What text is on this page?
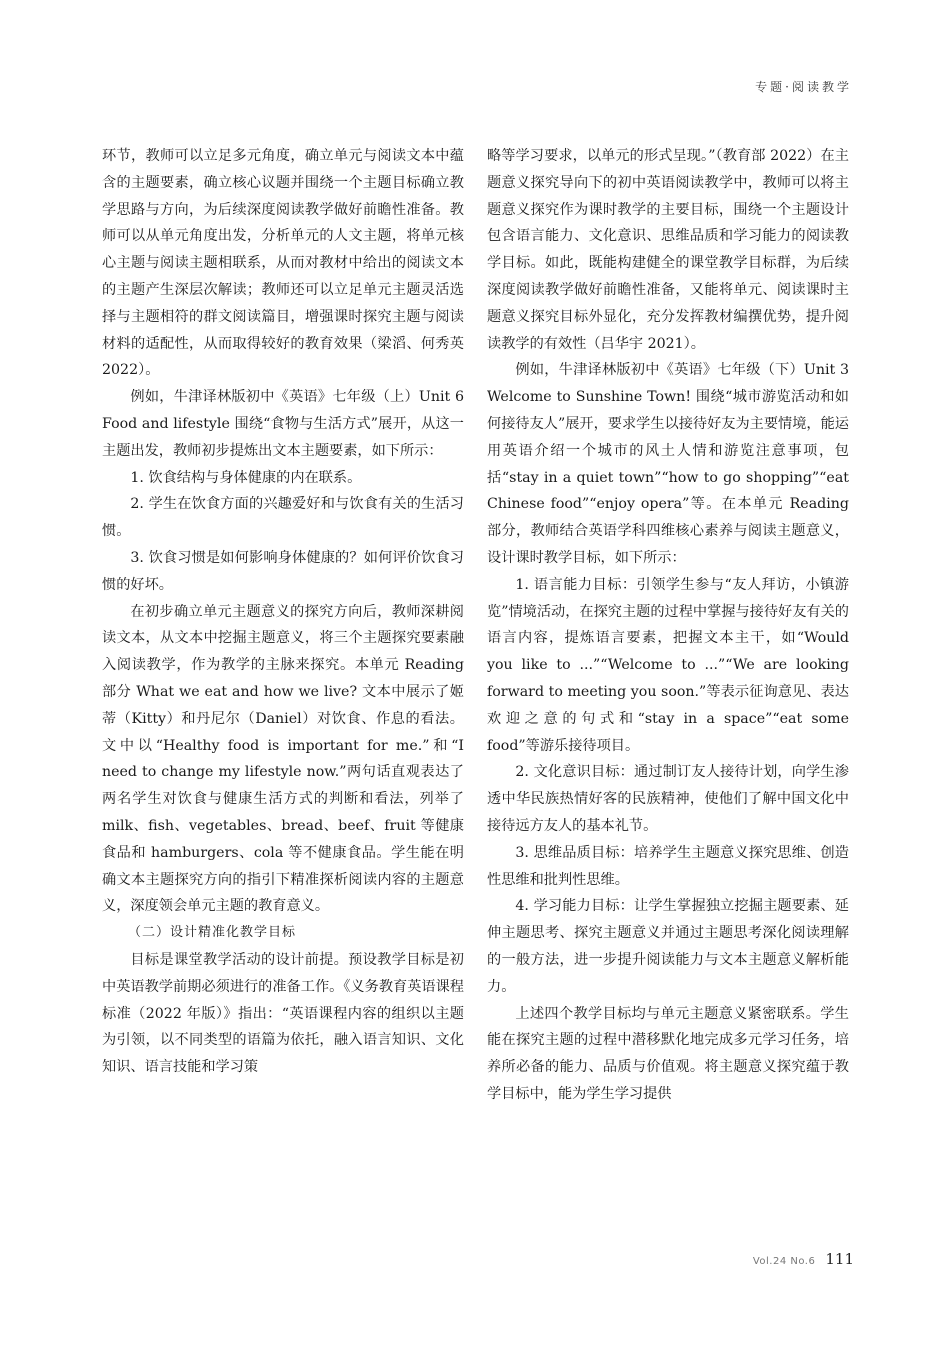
专题·阅读教学

环节，教师可以立足多元角度，确立单元与阅读文本中蕴含的主题要素，确立核心议题并围绕一个主题目标确立教学思路与方向，为后续深度阅读教学做好前瞻性准备。教师可以从单元角度出发，分析单元的人文主题，将单元核心主题与阅读主题相联系，从而对教材中给出的阅读文本的主题产生深层次解读；教师还可以立足单元主题灵活选择与主题相符的群文阅读篇目，增强课时探究主题与阅读材料的适配性，从而取得较好的教育效果（梁滔、何秀英 2022）。

例如，牛津译林版初中《英语》七年级（上）Unit 6 Food and lifestyle 围绕“食物与生活方式”展开，从这一主题出发，教师初步提炼出文本主题要素，如下所示：

1. 饮食结构与身体健康的内在联系。

2. 学生在饮食方面的兴趣爱好和与饮食有关的生活习惯。

3. 饮食习惯是如何影响身体健康的？如何评价饮食习惯的好坏。

在初步确立单元主题意义的探究方向后，教师深耕阅读文本，从文本中挖掘主题意义，将三个主题探究要素融入阅读教学，作为教学的主脉来探究。本单元 Reading 部分 What we eat and how we live? 文本中展示了姬蒂（Kitty）和丹尼尔（Daniel）对饮食、作息的看法。文中以“Healthy food is important for me.”和“I need to change my lifestyle now.”两句话直观表达了两名学生对饮食与健康生活方式的判断和看法，列举了 milk、fish、vegetables、bread、beef、fruit 等健康食品和 hamburgers、cola 等不健康食品。学生能在明确文本主题探究方向的指引下精准探析阅读内容的主题意义，深度领会单元主题的教育意义。

（二）设计精准化教学目标

目标是课堂教学活动的设计前提。预设教学目标是初中英语教学前期必须进行的准备工作。《义务教育英语课程标准（2022 年版）》指出：“英语课程内容的组织以主题为引领，以不同类型的语篇为依托，融入语言知识、文化知识、语言技能和学习策

略等学习要求，以单元的形式呈现。”（教育部 2022）在主题意义探究导向下的初中英语阅读教学中，教师可以将主题意义探究作为课时教学的主要目标，围绕一个主题设计包含语言能力、文化意识、思维品质和学习能力的阅读教学目标。如此，既能构建健全的课堂教学目标群，为后续深度阅读教学做好前瞻性准备，又能将单元、阅读课时主题意义探究目标外显化，充分发挥教材编撰优势，提升阅读教学的有效性（吕华宇 2021）。

例如，牛津译林版初中《英语》七年级（下）Unit 3 Welcome to Sunshine Town! 围绕“城市游览活动和如何接待友人”展开，要求学生以接待好友为主要情境，能运用英语介绍一个城市的风土人情和游览注意事项，包括“stay in a quiet town”“how to go shopping”“eat Chinese food”“enjoy opera”等。在本单元 Reading 部分，教师结合英语学科四维核心素养与阅读主题意义，设计课时教学目标，如下所示：

1. 语言能力目标：引领学生参与“友人拜访，小镇游览”情境活动，在探究主题的过程中掌握与接待好友有关的语言内容，提炼语言要素，把握文本主干，如“Would you like to ...”“Welcome to ...”“We are looking forward to meeting you soon.”等表示征询意见、表达欢迎之意的句式和“stay in a space”“eat some food”等游乐接待项目。

2. 文化意识目标：通过制订友人接待计划，向学生渗透中华民族热情好客的民族精神，使他们了解中国文化中接待远方友人的基本礼节。

3. 思维品质目标：培养学生主题意义探究思维、创造性思维和批判性思维。

4. 学习能力目标：让学生掌握独立挖掘主题要素、延伸主题思考、探究主题意义并通过主题思考深化阅读理解的一般方法，进一步提升阅读能力与文本主题意义解析能力。

上述四个教学目标均与单元主题意义紧密联系。学生能在探究主题的过程中潜移默化地完成多元学习任务，培养所必备的能力、品质与价值观。将主题意义探究蕴于教学目标中，能为学生学习提供

Vol.24 No.6 111
